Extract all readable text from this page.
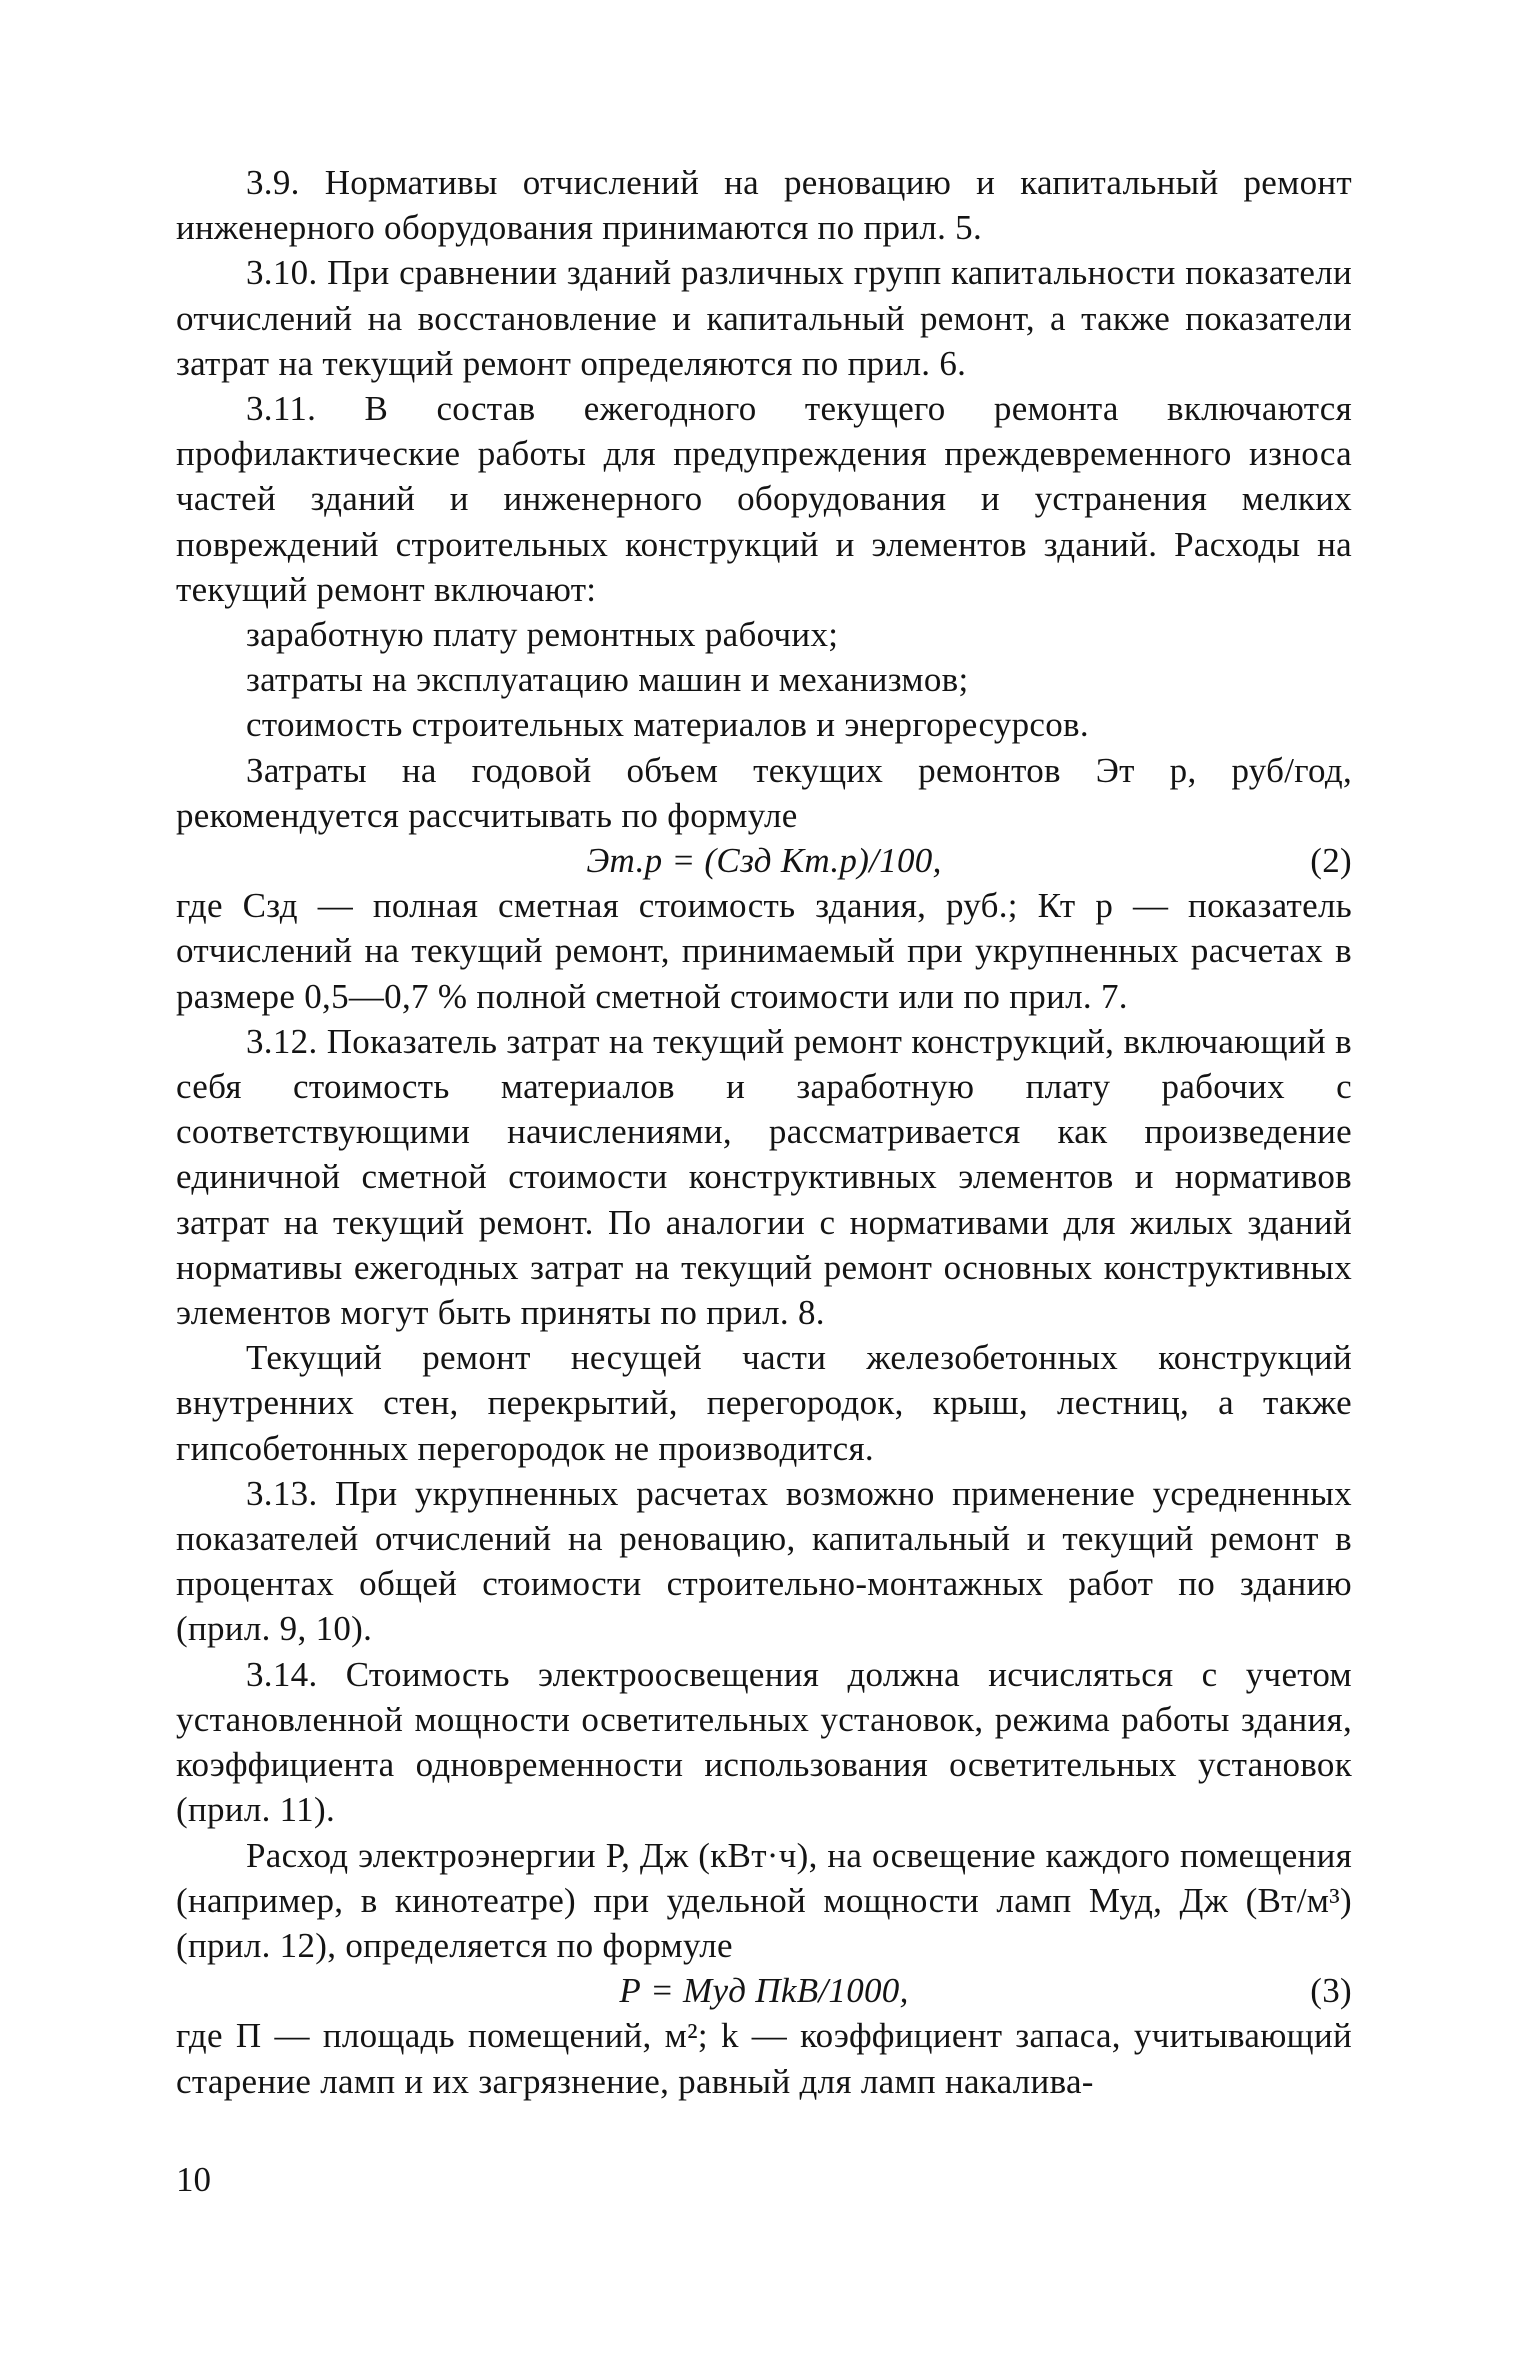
3.9. Нормативы отчислений на реновацию и капитальный ремонт инженерного оборудования принимаются по прил. 5.

3.10. При сравнении зданий различных групп капитальности показатели отчислений на восстановление и капитальный ремонт, а также показатели затрат на текущий ремонт определяются по прил. 6.

3.11. В состав ежегодного текущего ремонта включаются профилактические работы для предупреждения преждевременного износа частей зданий и инженерного оборудования и устранения мелких повреждений строительных конструкций и элементов зданий. Расходы на текущий ремонт включают:

заработную плату ремонтных рабочих;

затраты на эксплуатацию машин и механизмов;

стоимость строительных материалов и энергоресурсов.

Затраты на годовой объем текущих ремонтов Эт р, руб/год, рекомендуется рассчитывать по формуле

Эт.р = (Сзд Кт.р)/100,	(2)

где Сзд — полная сметная стоимость здания, руб.; Кт р — показатель отчислений на текущий ремонт, принимаемый при укрупненных расчетах в размере 0,5—0,7 % полной сметной стоимости или по прил. 7.

3.12. Показатель затрат на текущий ремонт конструкций, включающий в себя стоимость материалов и заработную плату рабочих с соответствующими начислениями, рассматривается как произведение единичной сметной стоимости конструктивных элементов и нормативов затрат на текущий ремонт. По аналогии с нормативами для жилых зданий нормативы ежегодных затрат на текущий ремонт основных конструктивных элементов могут быть приняты по прил. 8.

Текущий ремонт несущей части железобетонных конструкций внутренних стен, перекрытий, перегородок, крыш, лестниц, а также гипсобетонных перегородок не производится.

3.13. При укрупненных расчетах возможно применение усредненных показателей отчислений на реновацию, капитальный и текущий ремонт в процентах общей стоимости строительно-монтажных работ по зданию (прил. 9, 10).

3.14. Стоимость электроосвещения должна исчисляться с учетом установленной мощности осветительных установок, режима работы здания, коэффициента одновременности использования осветительных установок (прил. 11).

Расход электроэнергии Р, Дж (кВт·ч), на освещение каждого помещения (например, в кинотеатре) при удельной мощности ламп Муд, Дж (Вт/м³) (прил. 12), определяется по формуле

Р = Муд ПkВ/1000,	(3)

где П — площадь помещений, м²; k — коэффициент запаса, учитывающий старение ламп и их загрязнение, равный для ламп накалива-

10
